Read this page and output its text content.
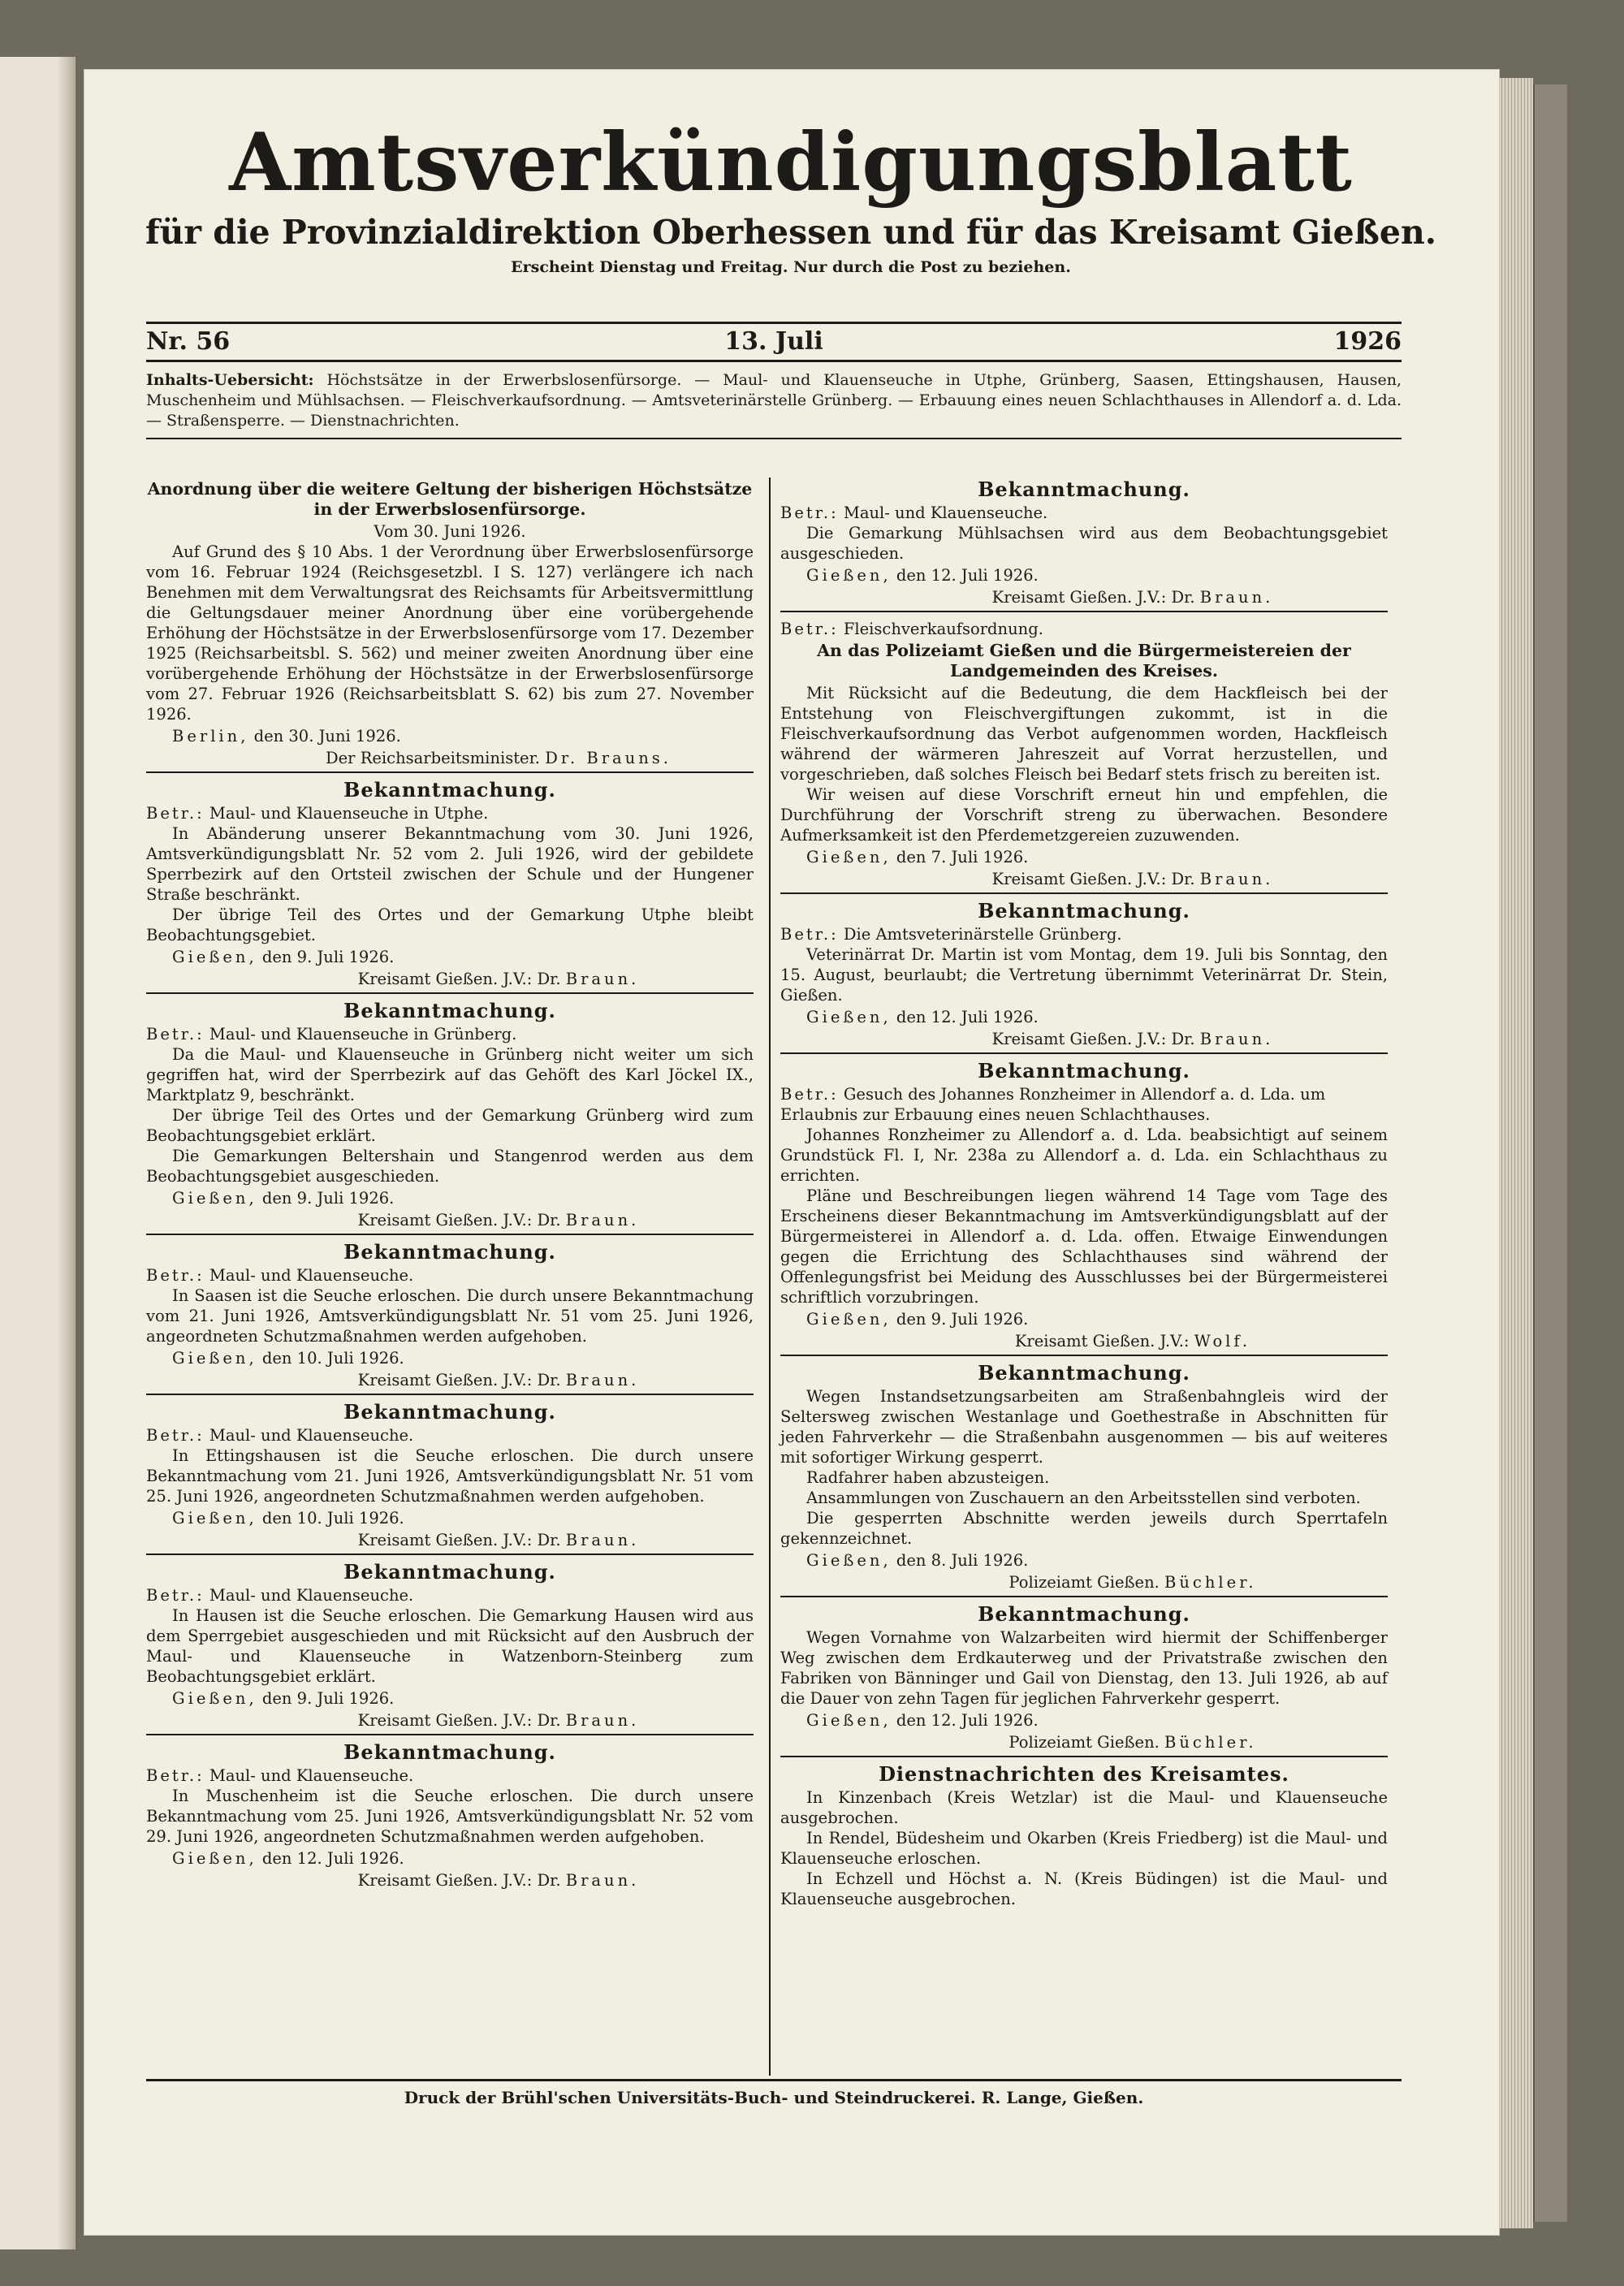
Amtsverkündigungsblatt
für die Provinzialdirektion Oberhessen und für das Kreisamt Gießen.
Erscheint Dienstag und Freitag. Nur durch die Post zu beziehen.
Nr. 56	13. Juli	1926
Inhalts-Uebersicht: Höchstsätze in der Erwerbslosenfürsorge. — Maul- und Klauenseuche in Utphe, Grünberg, Saasen, Ettingshausen, Hausen, Muschenheim und Mühlsachsen. — Fleischverkaufsordnung. — Amtsveterinärstelle Grünberg. — Erbauung eines neuen Schlachthauses in Allendorf a. d. Lda. — Straßensperre. — Dienstnachrichten.
Anordnung über die weitere Geltung der bisherigen Höchstsätze in der Erwerbslosenfürsorge.
Vom 30. Juni 1926.

Auf Grund des § 10 Abs. 1 der Verordnung über Erwerbslosenfürsorge vom 16. Februar 1924 (Reichsgesetzbl. I S. 127) verlängere ich nach Benehmen mit dem Verwaltungsrat des Reichsamts für Arbeitsvermittlung die Geltungsdauer meiner Anordnung über eine vorübergehende Erhöhung der Höchstsätze in der Erwerbslosenfürsorge vom 17. Dezember 1925 (Reichsarbeitsbl. S. 562) und meiner zweiten Anordnung über eine vorübergehende Erhöhung der Höchstsätze in der Erwerbslosenfürsorge vom 27. Februar 1926 (Reichsarbeitsblatt S. 62) bis zum 27. November 1926.

Berlin, den 30. Juni 1926.
Der Reichsarbeitsminister. Dr. Brauns.
Bekanntmachung.
Betr.: Maul- und Klauenseuche in Utphe.

In Abänderung unserer Bekanntmachung vom 30. Juni 1926, Amtsverkündigungsblatt Nr. 52 vom 2. Juli 1926, wird der gebildete Sperrbezirk auf den Ortsteil zwischen der Schule und der Hungener Straße beschränkt.

Der übrige Teil des Ortes und der Gemarkung Utphe bleibt Beobachtungsgebiet.

Gießen, den 9. Juli 1926.
Kreisamt Gießen. J.V.: Dr. Braun.
Bekanntmachung.
Betr.: Maul- und Klauenseuche in Grünberg.

Da die Maul- und Klauenseuche in Grünberg nicht weiter um sich gegriffen hat, wird der Sperrbezirk auf das Gehöft des Karl Jöckel IX., Marktplatz 9, beschränkt.

Der übrige Teil des Ortes und der Gemarkung Grünberg wird zum Beobachtungsgebiet erklärt.

Die Gemarkungen Beltershain und Stangenrod werden aus dem Beobachtungsgebiet ausgeschieden.

Gießen, den 9. Juli 1926.
Kreisamt Gießen. J.V.: Dr. Braun.
Bekanntmachung.
Betr.: Maul- und Klauenseuche.

In Saasen ist die Seuche erloschen. Die durch unsere Bekanntmachung vom 21. Juni 1926, Amtsverkündigungsblatt Nr. 51 vom 25. Juni 1926, angeordneten Schutzmaßnahmen werden aufgehoben.

Gießen, den 10. Juli 1926.
Kreisamt Gießen. J.V.: Dr. Braun.
Bekanntmachung.
Betr.: Maul- und Klauenseuche.

In Ettingshausen ist die Seuche erloschen. Die durch unsere Bekanntmachung vom 21. Juni 1926, Amtsverkündigungsblatt Nr. 51 vom 25. Juni 1926, angeordneten Schutzmaßnahmen werden aufgehoben.

Gießen, den 10. Juli 1926.
Kreisamt Gießen. J.V.: Dr. Braun.
Bekanntmachung.
Betr.: Maul- und Klauenseuche.

In Hausen ist die Seuche erloschen. Die Gemarkung Hausen wird aus dem Sperrgebiet ausgeschieden und mit Rücksicht auf den Ausbruch der Maul- und Klauenseuche in Watzenborn-Steinberg zum Beobachtungsgebiet erklärt.

Gießen, den 9. Juli 1926.
Kreisamt Gießen. J.V.: Dr. Braun.
Bekanntmachung.
Betr.: Maul- und Klauenseuche.

In Muschenheim ist die Seuche erloschen. Die durch unsere Bekanntmachung vom 25. Juni 1926, Amtsverkündigungsblatt Nr. 52 vom 29. Juni 1926, angeordneten Schutzmaßnahmen werden aufgehoben.

Gießen, den 12. Juli 1926.
Kreisamt Gießen. J.V.: Dr. Braun.
Bekanntmachung.
Betr.: Maul- und Klauenseuche.

Die Gemarkung Mühlsachsen wird aus dem Beobachtungsgebiet ausgeschieden.

Gießen, den 12. Juli 1926.
Kreisamt Gießen. J.V.: Dr. Braun.
Betr.: Fleischverkaufsordnung.
An das Polizeiamt Gießen und die Bürgermeistereien der Landgemeinden des Kreises.

Mit Rücksicht auf die Bedeutung, die dem Hackfleisch bei der Entstehung von Fleischvergiftungen zukommt, ist in die Fleischverkaufsordnung das Verbot aufgenommen worden, Hackfleisch während der wärmeren Jahreszeit auf Vorrat herzustellen, und vorgeschrieben, daß solches Fleisch bei Bedarf stets frisch zu bereiten ist.

Wir weisen auf diese Vorschrift erneut hin und empfehlen, die Durchführung der Vorschrift streng zu überwachen. Besondere Aufmerksamkeit ist den Pferdemetzgereien zuzuwenden.

Gießen, den 7. Juli 1926.
Kreisamt Gießen. J.V.: Dr. Braun.
Bekanntmachung.
Betr.: Die Amtsveterinärstelle Grünberg.

Veterinärrat Dr. Martin ist vom Montag, dem 19. Juli bis Sonntag, den 15. August, beurlaubt; die Vertretung übernimmt Veterinärrat Dr. Stein, Gießen.

Gießen, den 12. Juli 1926.
Kreisamt Gießen. J.V.: Dr. Braun.
Bekanntmachung.
Betr.: Gesuch des Johannes Ronzheimer in Allendorf a. d. Lda. um Erlaubnis zur Erbauung eines neuen Schlachthauses.

Johannes Ronzheimer zu Allendorf a. d. Lda. beabsichtigt auf seinem Grundstück Fl. I, Nr. 238a zu Allendorf a. d. Lda. ein Schlachthaus zu errichten.

Pläne und Beschreibungen liegen während 14 Tage vom Tage des Erscheinens dieser Bekanntmachung im Amtsverkündigungsblatt auf der Bürgermeisterei in Allendorf a. d. Lda. offen. Etwaige Einwendungen gegen die Errichtung des Schlachthauses sind während der Offenlegungsfrist bei Meidung des Ausschlusses bei der Bürgermeisterei schriftlich vorzubringen.

Gießen, den 9. Juli 1926.
Kreisamt Gießen. J.V.: Wolf.
Bekanntmachung.

Wegen Instandsetzungsarbeiten am Straßenbahngleis wird der Seltersweg zwischen Westanlage und Goethestraße in Abschnitten für jeden Fahrverkehr — die Straßenbahn ausgenommen — bis auf weiteres mit sofortiger Wirkung gesperrt.

Radfahrer haben abzusteigen.

Ansammlungen von Zuschauern an den Arbeitsstellen sind verboten.

Die gesperrten Abschnitte werden jeweils durch Sperrtafeln gekennzeichnet.

Gießen, den 8. Juli 1926.
Polizeiamt Gießen. Büchler.
Bekanntmachung.

Wegen Vornahme von Walzarbeiten wird hiermit der Schiffenberger Weg zwischen dem Erdkauterweg und der Privatstraße zwischen den Fabriken von Bänninger und Gail von Dienstag, den 13. Juli 1926, ab auf die Dauer von zehn Tagen für jeglichen Fahrverkehr gesperrt.

Gießen, den 12. Juli 1926.
Polizeiamt Gießen. Büchler.
Dienstnachrichten des Kreisamtes.

In Kinzenbach (Kreis Wetzlar) ist die Maul- und Klauenseuche ausgebrochen.

In Rendel, Büdesheim und Okarben (Kreis Friedberg) ist die Maul- und Klauenseuche erloschen.

In Echzell und Höchst a. N. (Kreis Büdingen) ist die Maul- und Klauenseuche ausgebrochen.

Druck der Brühl'schen Universitäts-Buch- und Steindruckerei. R. Lange, Gießen.
